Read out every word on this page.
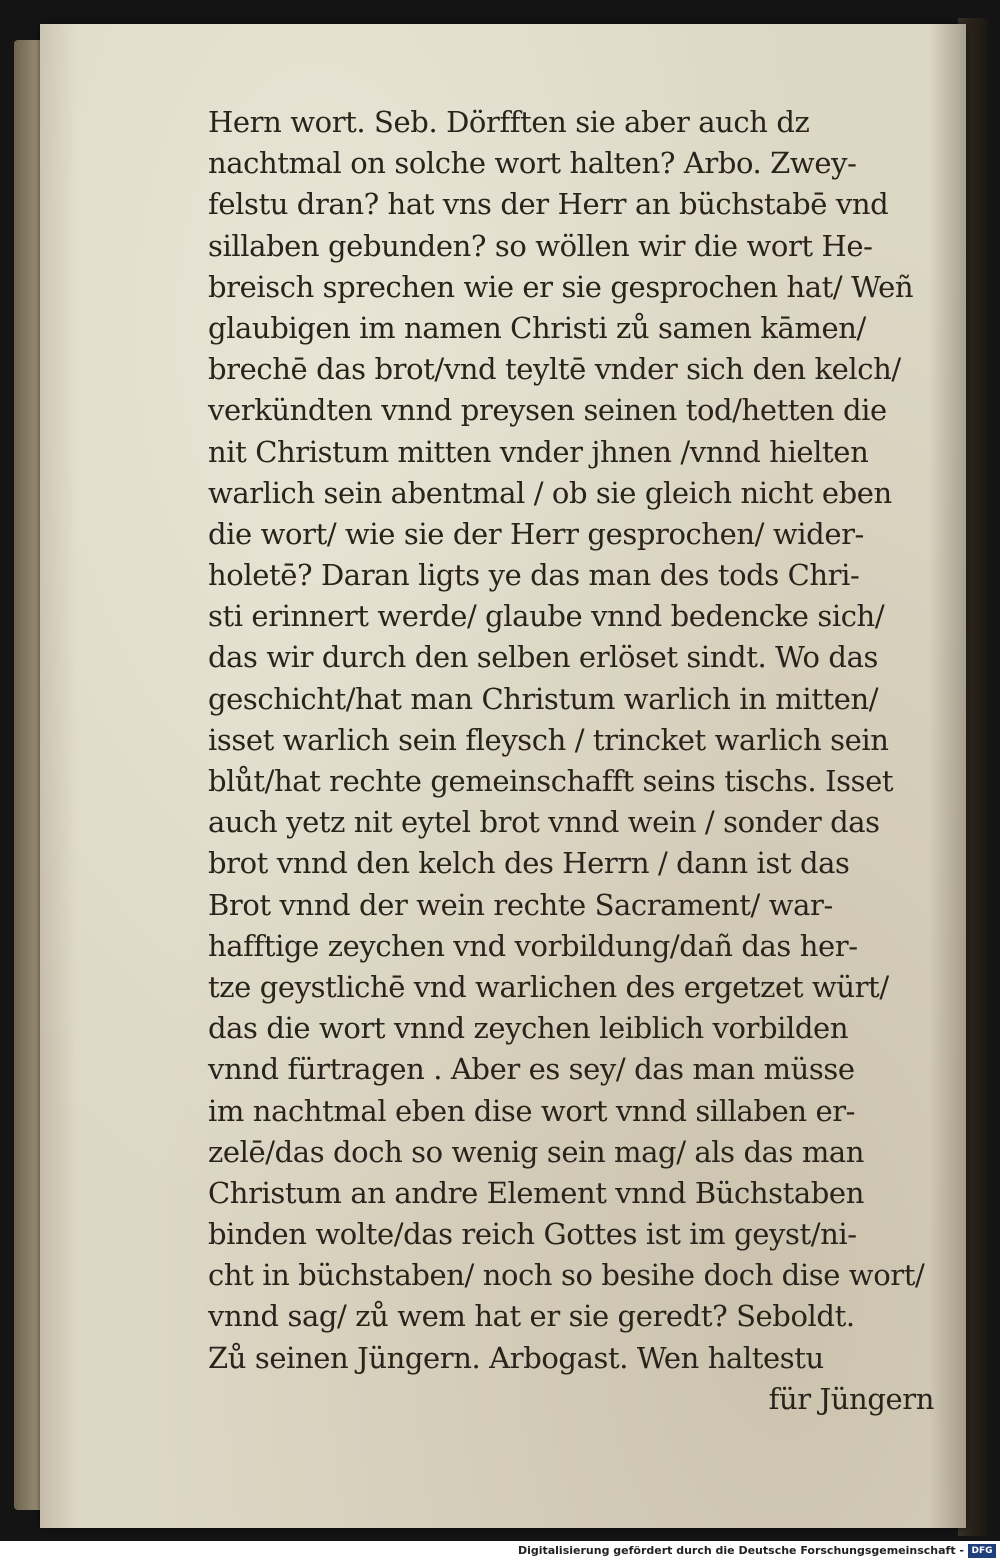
Hern wort. Seb. Dörfften sie aber auch dz
nachtmal on solche wort halten? Arbo. Zwey-
felstu dran? hat vns der Herr an büchstabē vnd
sillaben gebunden? so wöllen wir die wort He-
breisch sprechen wie er sie gesprochen hat/ Weñ
glaubigen im namen Christi zů samen kāmen/
brechē das brot/vnd teyltē vnder sich den kelch/
verkündten vnnd preysen seinen tod/hetten die
nit Christum mitten vnder jhnen /vnnd hielten
warlich sein abentmal / ob sie gleich nicht eben
die wort/ wie sie der Herr gesprochen/ wider-
holetē? Daran ligts ye das man des tods Chri-
sti erinnert werde/ glaube vnnd bedencke sich/
das wir durch den selben erlöset sindt. Wo das
geschicht/hat man Christum warlich in mitten/
isset warlich sein fleysch / trincket warlich sein
blůt/hat rechte gemeinschafft seins tischs. Isset
auch yetz nit eytel brot vnnd wein / sonder das
brot vnnd den kelch des Herrn / dann ist das
Brot vnnd der wein rechte Sacrament/ war-
hafftige zeychen vnd vorbildung/dañ das her-
tze geystlichē vnd warlichen des ergetzet würt/
das die wort vnnd zeychen leiblich vorbilden
vnnd fürtragen . Aber es sey/ das man müsse
im nachtmal eben dise wort vnnd sillaben er-
zelē/das doch so wenig sein mag/ als das man
Christum an andre Element vnnd Büchstaben
binden wolte/das reich Gottes ist im geyst/ni-
cht in büchstaben/ noch so besihe doch dise wort/
vnnd sag/ zů wem hat er sie geredt? Seboldt.
Zů seinen Jüngern. Arbogast. Wen haltestu
für Jüngern
Digitalisierung gefördert durch die Deutsche Forschungsgemeinschaft - DFG
